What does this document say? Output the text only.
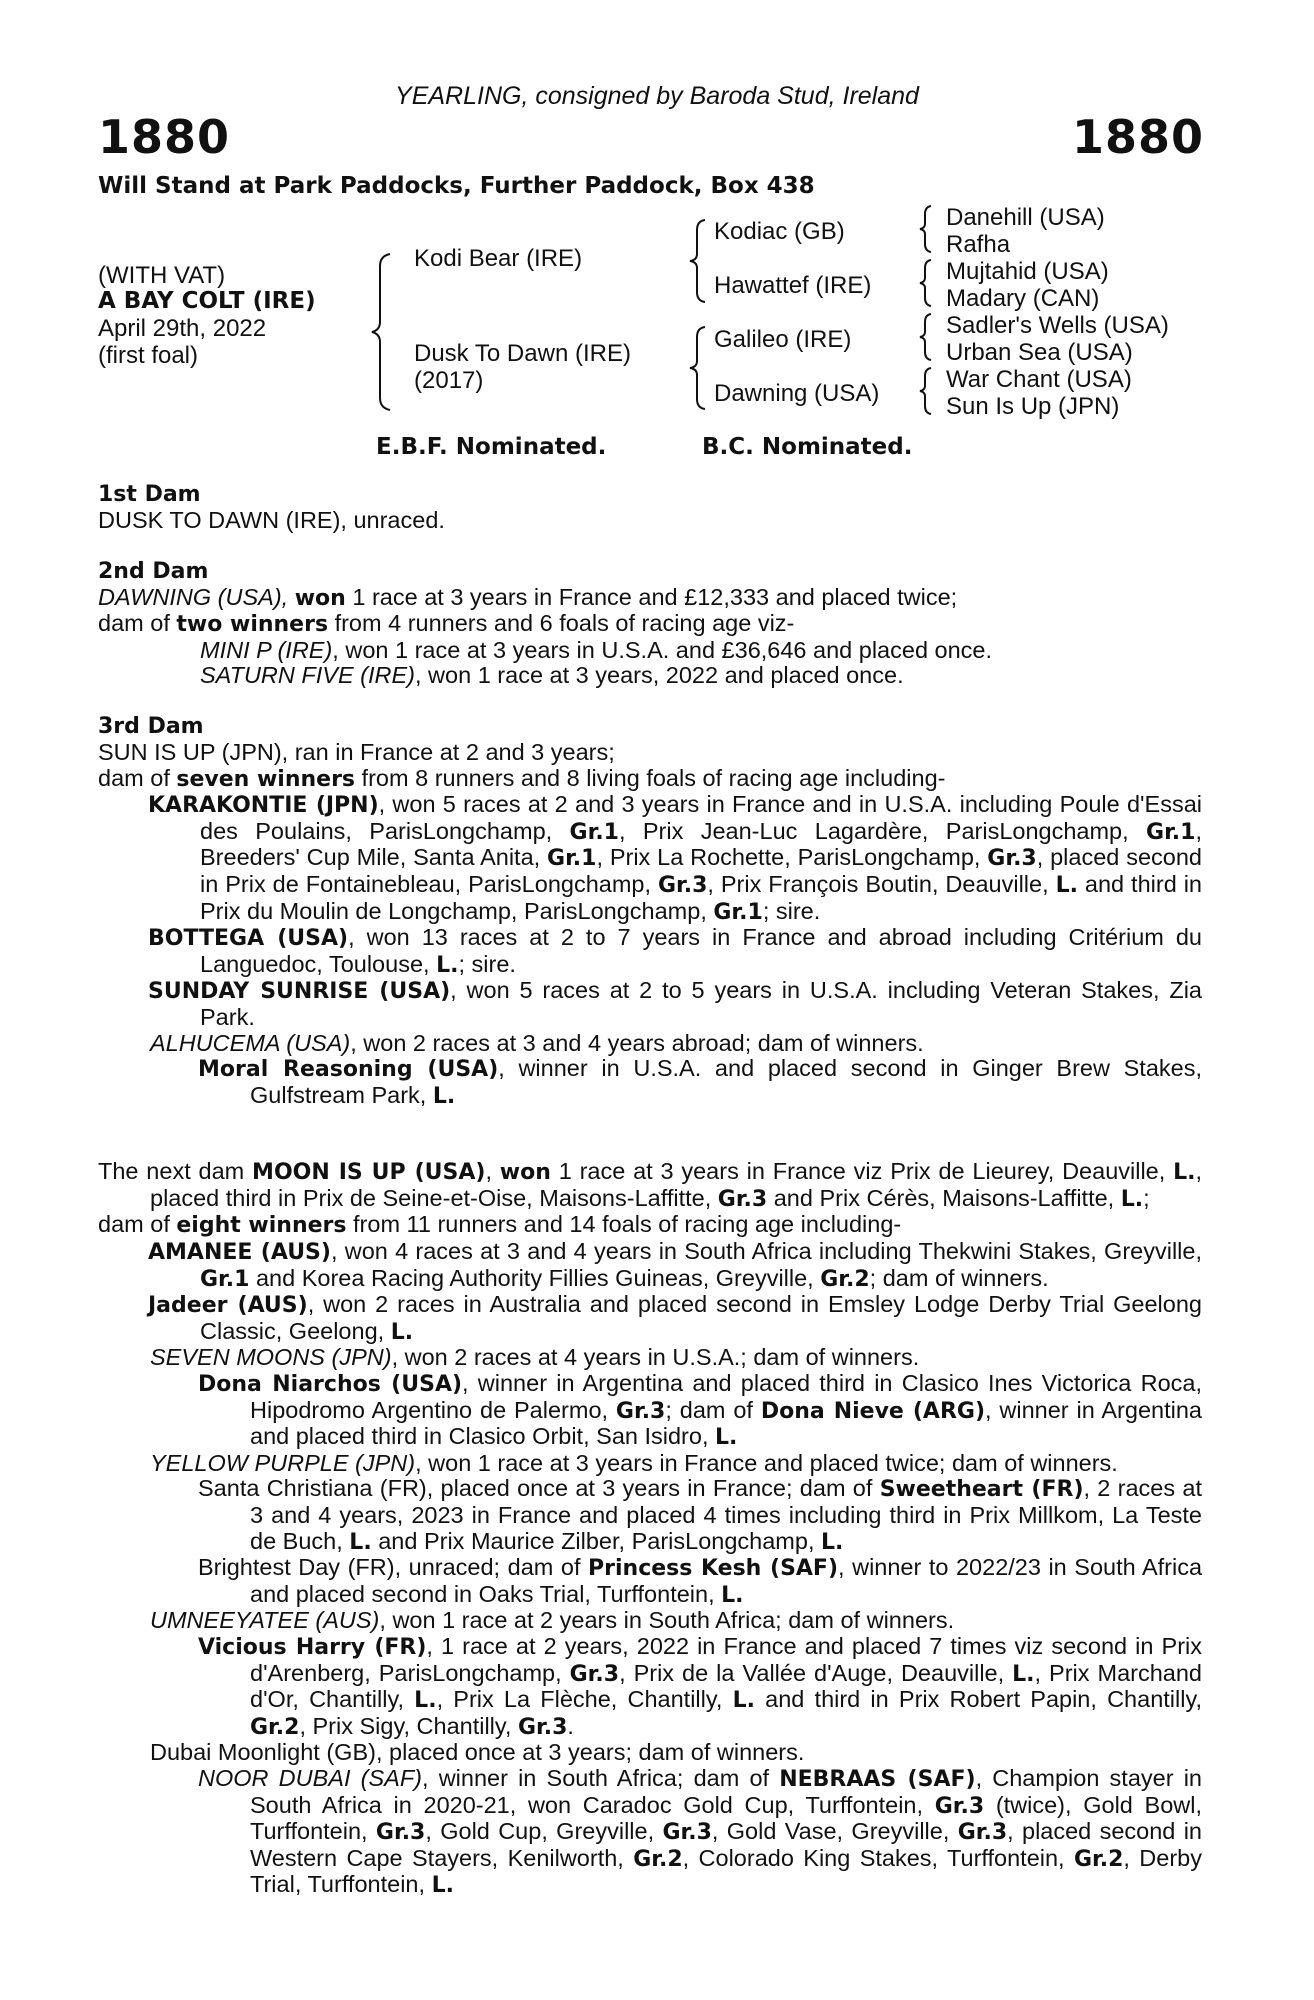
YEARLING, consigned by Baroda Stud, Ireland
1880	1880
Will Stand at Park Paddocks, Further Paddock, Box 438
(WITH VAT)
A BAY COLT (IRE)
April 29th, 2022
(first foal)
Kodi Bear (IRE)
Dusk To Dawn (IRE)
(2017)
Kodiac (GB)
Hawattef (IRE)
Galileo (IRE)
Dawning (USA)
Danehill (USA)
Rafha
Mujtahid (USA)
Madary (CAN)
Sadler's Wells (USA)
Urban Sea (USA)
War Chant (USA)
Sun Is Up (JPN)
E.B.F. Nominated.	B.C. Nominated.
1st Dam

DUSK TO DAWN (IRE), unraced.

2nd Dam

DAWNING (USA), won 1 race at 3 years in France and £12,333 and placed twice;

dam of two winners from 4 runners and 6 foals of racing age viz-

MINI P (IRE), won 1 race at 3 years in U.S.A. and £36,646 and placed once.

SATURN FIVE (IRE), won 1 race at 3 years, 2022 and placed once.

3rd Dam

SUN IS UP (JPN), ran in France at 2 and 3 years;

dam of seven winners from 8 runners and 8 living foals of racing age including-

KARAKONTIE (JPN), won 5 races at 2 and 3 years in France and in U.S.A. including Poule d'Essai des Poulains, ParisLongchamp, Gr.1, Prix Jean-Luc Lagardère, ParisLongchamp, Gr.1, Breeders' Cup Mile, Santa Anita, Gr.1, Prix La Rochette, ParisLongchamp, Gr.3, placed second in Prix de Fontainebleau, ParisLongchamp, Gr.3, Prix François Boutin, Deauville, L. and third in Prix du Moulin de Longchamp, ParisLongchamp, Gr.1; sire.

BOTTEGA (USA), won 13 races at 2 to 7 years in France and abroad including Critérium du Languedoc, Toulouse, L.; sire.

SUNDAY SUNRISE (USA), won 5 races at 2 to 5 years in U.S.A. including Veteran Stakes, Zia Park.

ALHUCEMA (USA), won 2 races at 3 and 4 years abroad; dam of winners.

Moral Reasoning (USA), winner in U.S.A. and placed second in Ginger Brew Stakes, Gulfstream Park, L.

The next dam MOON IS UP (USA), won 1 race at 3 years in France viz Prix de Lieurey, Deauville, L., placed third in Prix de Seine-et-Oise, Maisons-Laffitte, Gr.3 and Prix Cérès, Maisons-Laffitte, L.;

dam of eight winners from 11 runners and 14 foals of racing age including-

AMANEE (AUS), won 4 races at 3 and 4 years in South Africa including Thekwini Stakes, Greyville, Gr.1 and Korea Racing Authority Fillies Guineas, Greyville, Gr.2; dam of winners.

Jadeer (AUS), won 2 races in Australia and placed second in Emsley Lodge Derby Trial Geelong Classic, Geelong, L.

SEVEN MOONS (JPN), won 2 races at 4 years in U.S.A.; dam of winners.

Dona Niarchos (USA), winner in Argentina and placed third in Clasico Ines Victorica Roca, Hipodromo Argentino de Palermo, Gr.3; dam of Dona Nieve (ARG), winner in Argentina and placed third in Clasico Orbit, San Isidro, L.

YELLOW PURPLE (JPN), won 1 race at 3 years in France and placed twice; dam of winners.

Santa Christiana (FR), placed once at 3 years in France; dam of Sweetheart (FR), 2 races at 3 and 4 years, 2023 in France and placed 4 times including third in Prix Millkom, La Teste de Buch, L. and Prix Maurice Zilber, ParisLongchamp, L.

Brightest Day (FR), unraced; dam of Princess Kesh (SAF), winner to 2022/23 in South Africa and placed second in Oaks Trial, Turffontein, L.

UMNEEYATEE (AUS), won 1 race at 2 years in South Africa; dam of winners.

Vicious Harry (FR), 1 race at 2 years, 2022 in France and placed 7 times viz second in Prix d'Arenberg, ParisLongchamp, Gr.3, Prix de la Vallée d'Auge, Deauville, L., Prix Marchand d'Or, Chantilly, L., Prix La Flèche, Chantilly, L. and third in Prix Robert Papin, Chantilly, Gr.2, Prix Sigy, Chantilly, Gr.3.

Dubai Moonlight (GB), placed once at 3 years; dam of winners.

NOOR DUBAI (SAF), winner in South Africa; dam of NEBRAAS (SAF), Champion stayer in South Africa in 2020-21, won Caradoc Gold Cup, Turffontein, Gr.3 (twice), Gold Bowl, Turffontein, Gr.3, Gold Cup, Greyville, Gr.3, Gold Vase, Greyville, Gr.3, placed second in Western Cape Stayers, Kenilworth, Gr.2, Colorado King Stakes, Turffontein, Gr.2, Derby Trial, Turffontein, L.
